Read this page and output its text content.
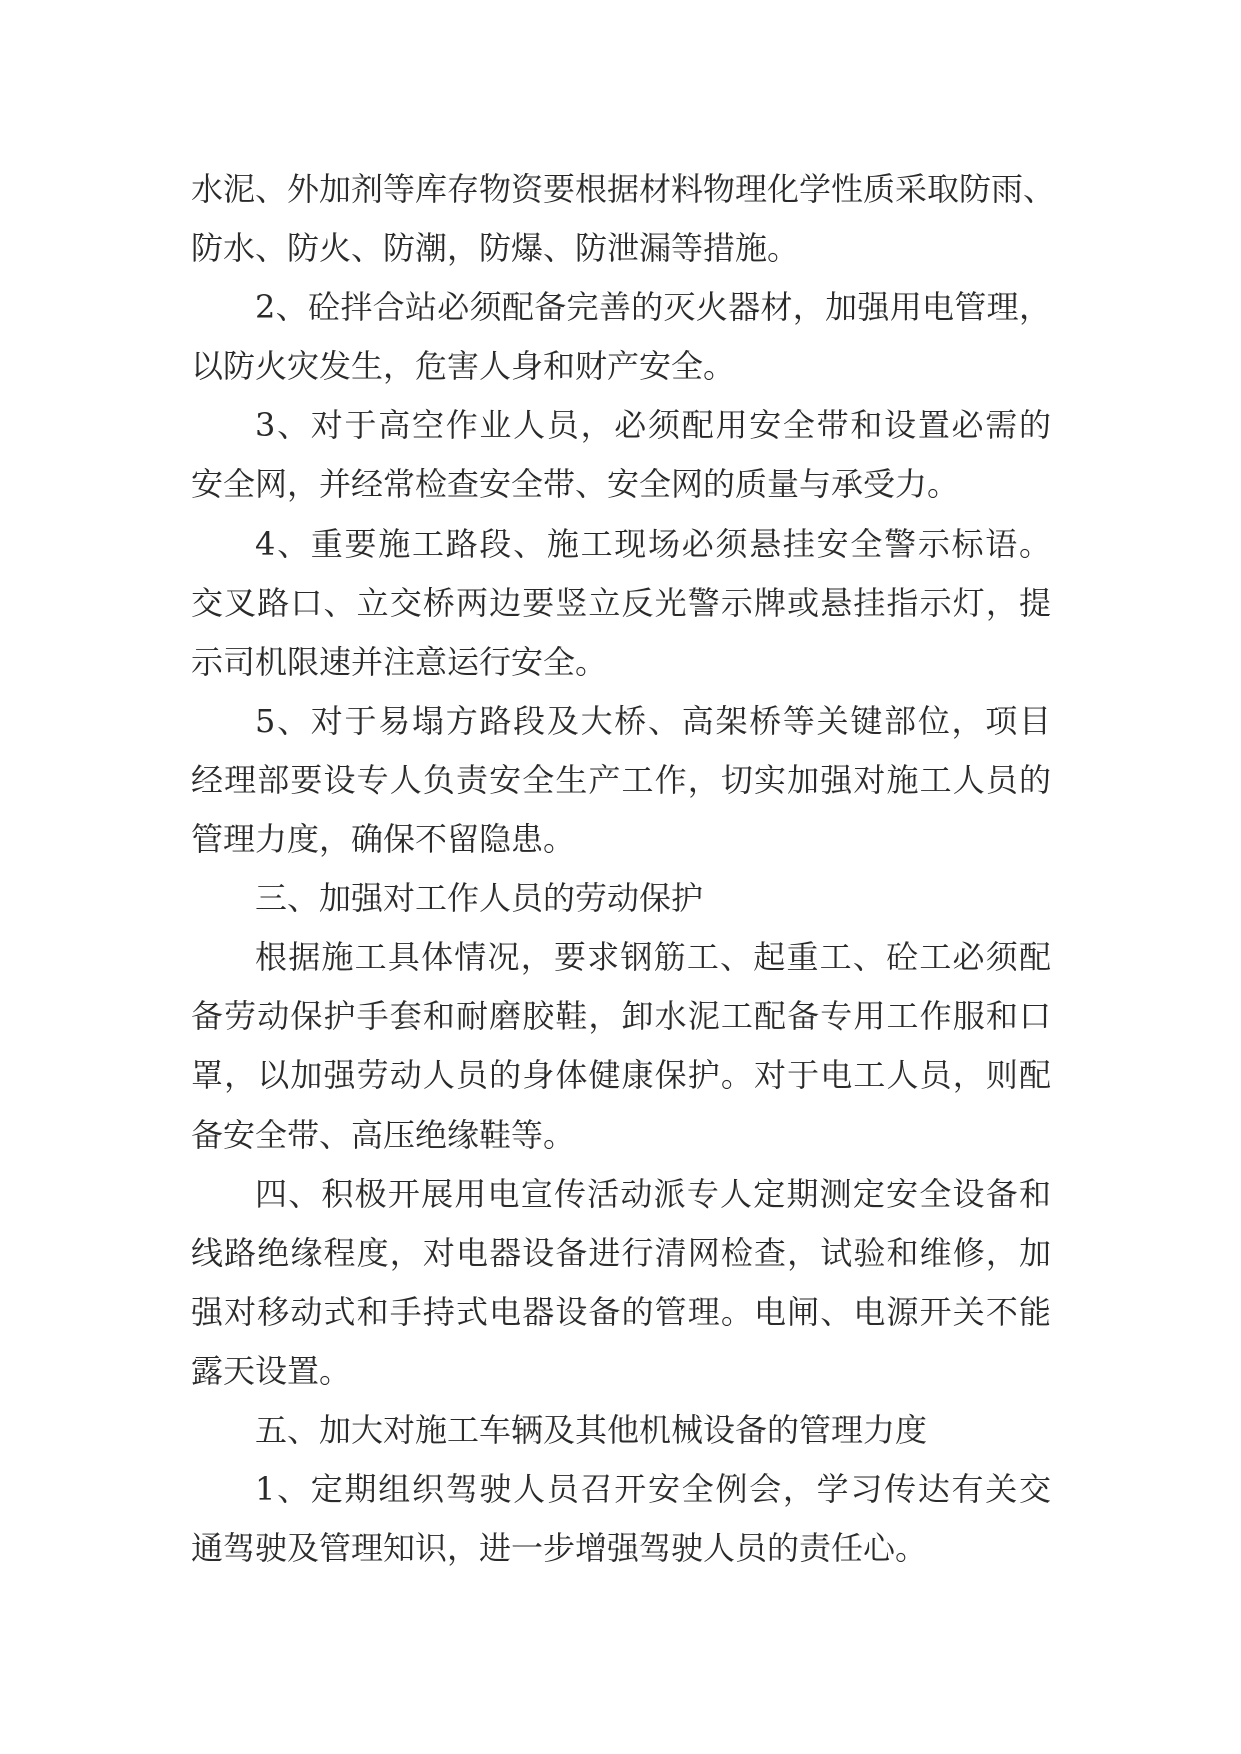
水泥、外加剂等库存物资要根据材料物理化学性质采取防雨、
防水、防火、防潮，防爆、防泄漏等措施。
2、砼拌合站必须配备完善的灭火器材，加强用电管理，
以防火灾发生，危害人身和财产安全。
3、对于高空作业人员，必须配用安全带和设置必需的
安全网，并经常检查安全带、安全网的质量与承受力。
4、重要施工路段、施工现场必须悬挂安全警示标语。
交叉路口、立交桥两边要竖立反光警示牌或悬挂指示灯，提
示司机限速并注意运行安全。
5、对于易塌方路段及大桥、高架桥等关键部位，项目
经理部要设专人负责安全生产工作，切实加强对施工人员的
管理力度，确保不留隐患。
三、加强对工作人员的劳动保护
根据施工具体情况，要求钢筋工、起重工、砼工必须配
备劳动保护手套和耐磨胶鞋，卸水泥工配备专用工作服和口
罩，以加强劳动人员的身体健康保护。对于电工人员，则配
备安全带、高压绝缘鞋等。
四、积极开展用电宣传活动派专人定期测定安全设备和
线路绝缘程度，对电器设备进行清网检查，试验和维修，加
强对移动式和手持式电器设备的管理。电闸、电源开关不能
露天设置。
五、加大对施工车辆及其他机械设备的管理力度
1、定期组织驾驶人员召开安全例会，学习传达有关交
通驾驶及管理知识，进一步增强驾驶人员的责任心。
